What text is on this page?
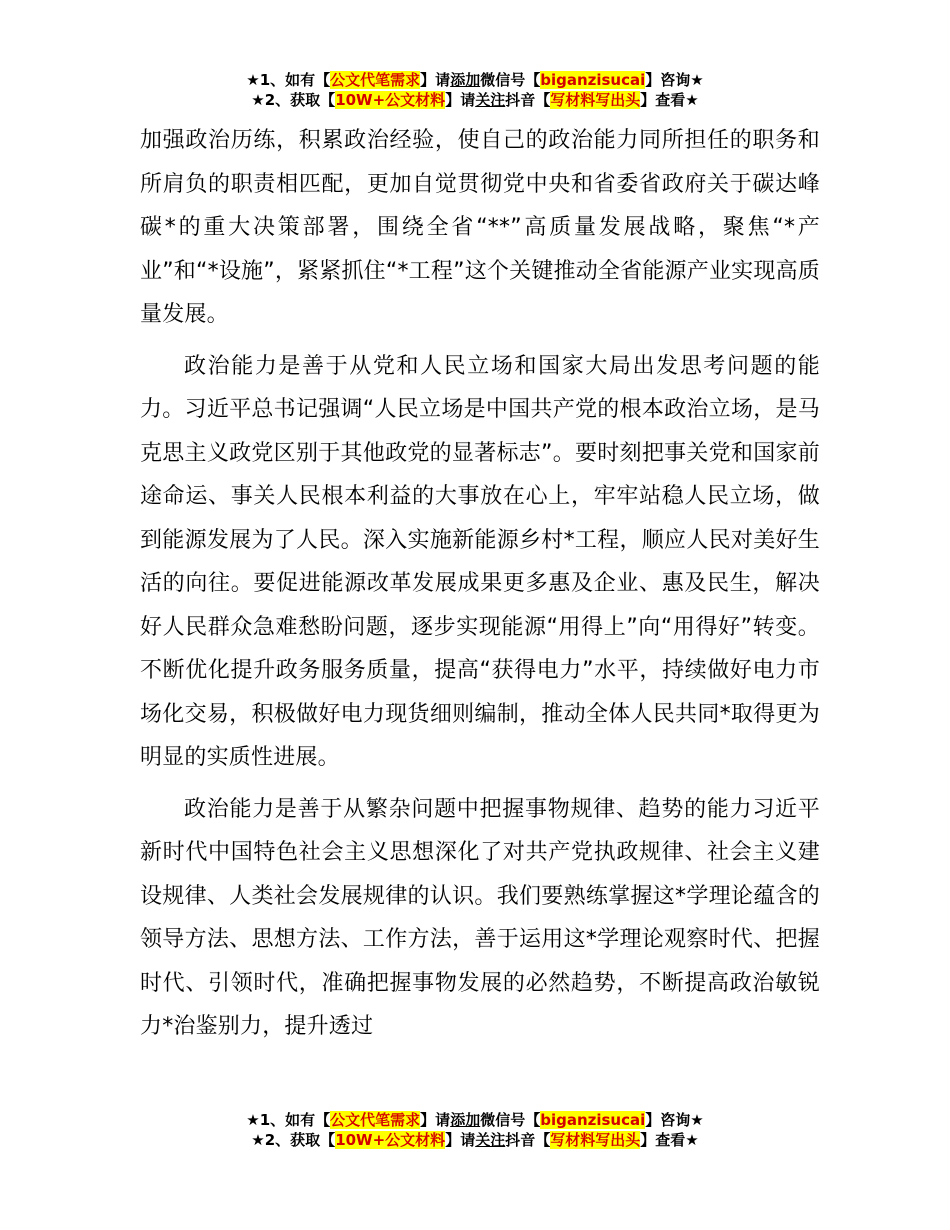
★1、如有【公文代笔需求】请添加微信号【biganzisucai】咨询★
★2、获取【10W+公文材料】请关注抖音【写材料写出头】查看★

加强政治历练，积累政治经验，使自己的政治能力同所担任的职务和所肩负的职责相匹配，更加自觉贯彻党中央和省委省政府关于碳达峰碳*的重大决策部署，围绕全省“**”高质量发展战略，聚焦“*产业”和“*设施”，紧紧抓住“*工程”这个关键推动全省能源产业实现高质量发展。

政治能力是善于从党和人民立场和国家大局出发思考问题的能力。习近平总书记强调“人民立场是中国共产党的根本政治立场，是马克思主义政党区别于其他政党的显著标志”。要时刻把事关党和国家前途命运、事关人民根本利益的大事放在心上，牢牢站稳人民立场，做到能源发展为了人民。深入实施新能源乡村*工程，顺应人民对美好生活的向往。要促进能源改革发展成果更多惠及企业、惠及民生，解决好人民群众急难愁盼问题，逐步实现能源“用得上”向“用得好”转变。不断优化提升政务服务质量，提高“获得电力”水平，持续做好电力市场化交易，积极做好电力现货细则编制，推动全体人民共同*取得更为明显的实质性进展。

政治能力是善于从繁杂问题中把握事物规律、趋势的能力习近平新时代中国特色社会主义思想深化了对共产党执政规律、社会主义建设规律、人类社会发展规律的认识。我们要熟练掌握这*学理论蕴含的领导方法、思想方法、工作方法，善于运用这*学理论观察时代、把握时代、引领时代，准确把握事物发展的必然趋势，不断提高政治敏锐力*治鉴别力，提升透过

★1、如有【公文代笔需求】请添加微信号【biganzisucai】咨询★
★2、获取【10W+公文材料】请关注抖音【写材料写出头】查看★
